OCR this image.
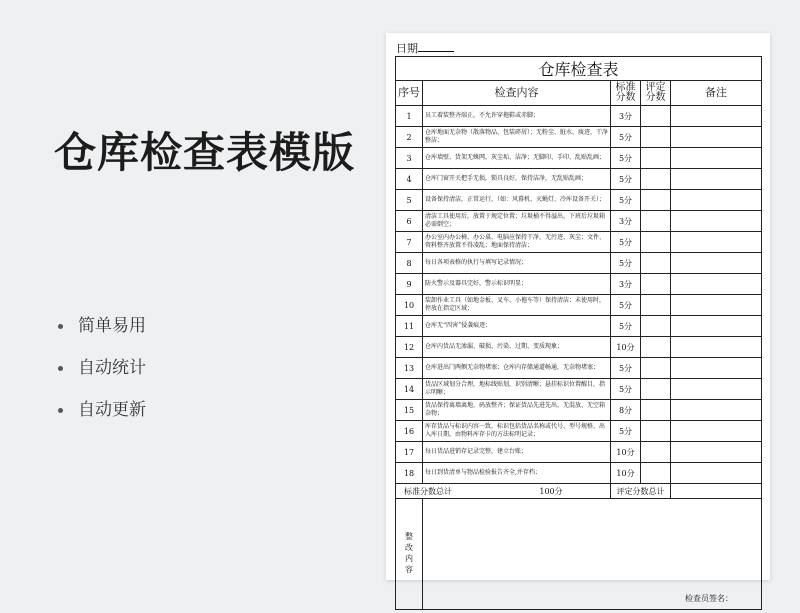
仓库检查表模版
简单易用
自动统计
自动更新
日期
仓库检查表				
序号	检查内容	标准分数	评定分数	备注
1	员工着装整齐端正，不允许穿拖鞋或赤脚；	3分		
2	仓库地面无杂物（散落物品、包装碎屑）；无粉尘、脏水、痰迹，干净整洁；	5分		
3	仓库墙壁、货架无蛛网，灰尘垢、洁净；无脚印、手印、乱贴乱画；	5分		
4	仓库门窗开关把手无损，锁具良好，保持洁净，无乱贴乱画；	5分		
5	设备保持清洁，正常运行。（如：风幕机、灭蝇灯、冷库设备开关）；	5分		
6	清洁工具使用后，放置于规定位置；垃圾桶不得溢出，下班后垃圾箱必需倒空；	3分		
7	办公室内办公椅、办公桌、电脑应保持干净，无污迹、灰尘；文件、资料整齐放置不得凌乱；地面保持清洁；	5分		
8	每日各项表格的执行与填写记录情况；	5分		
9	防火警示及器具完好，警示标识明显；	3分		
10	装卸作业工具（如地金板、叉车、小拖车等）保持清洁；未使用时，停放在指定区域；	5分		
11	仓库无“四害”侵袭痕迹；	5分		
12	仓库内货品无渗漏、破损、污染、过期、变质现象；	10分		
13	仓库进出门两侧无杂物堵塞；仓库内存储通道畅通，无杂物堵塞；	5分		
14	货品区域划分合理，地标线贴划，识别清晰；悬挂标识位置醒目，指示明晰；	5分		
15	货品保持离墙离地，码放整齐；保证货品先进先出，无混放、无空箱杂物；	8分		
16	库存货品与标识内容一致，标识包括货品名称或代号、型号规格、出入库日期，由物料库存卡的方法标明记录；	5分		
17	每日货品进销存记录完整，建立台账；	10分		
18	每日到货清单与物品检验报告齐全,并存档；	10分		

标准分数总计 100分		评定分数总计		

整改内容	检查员签名：			
